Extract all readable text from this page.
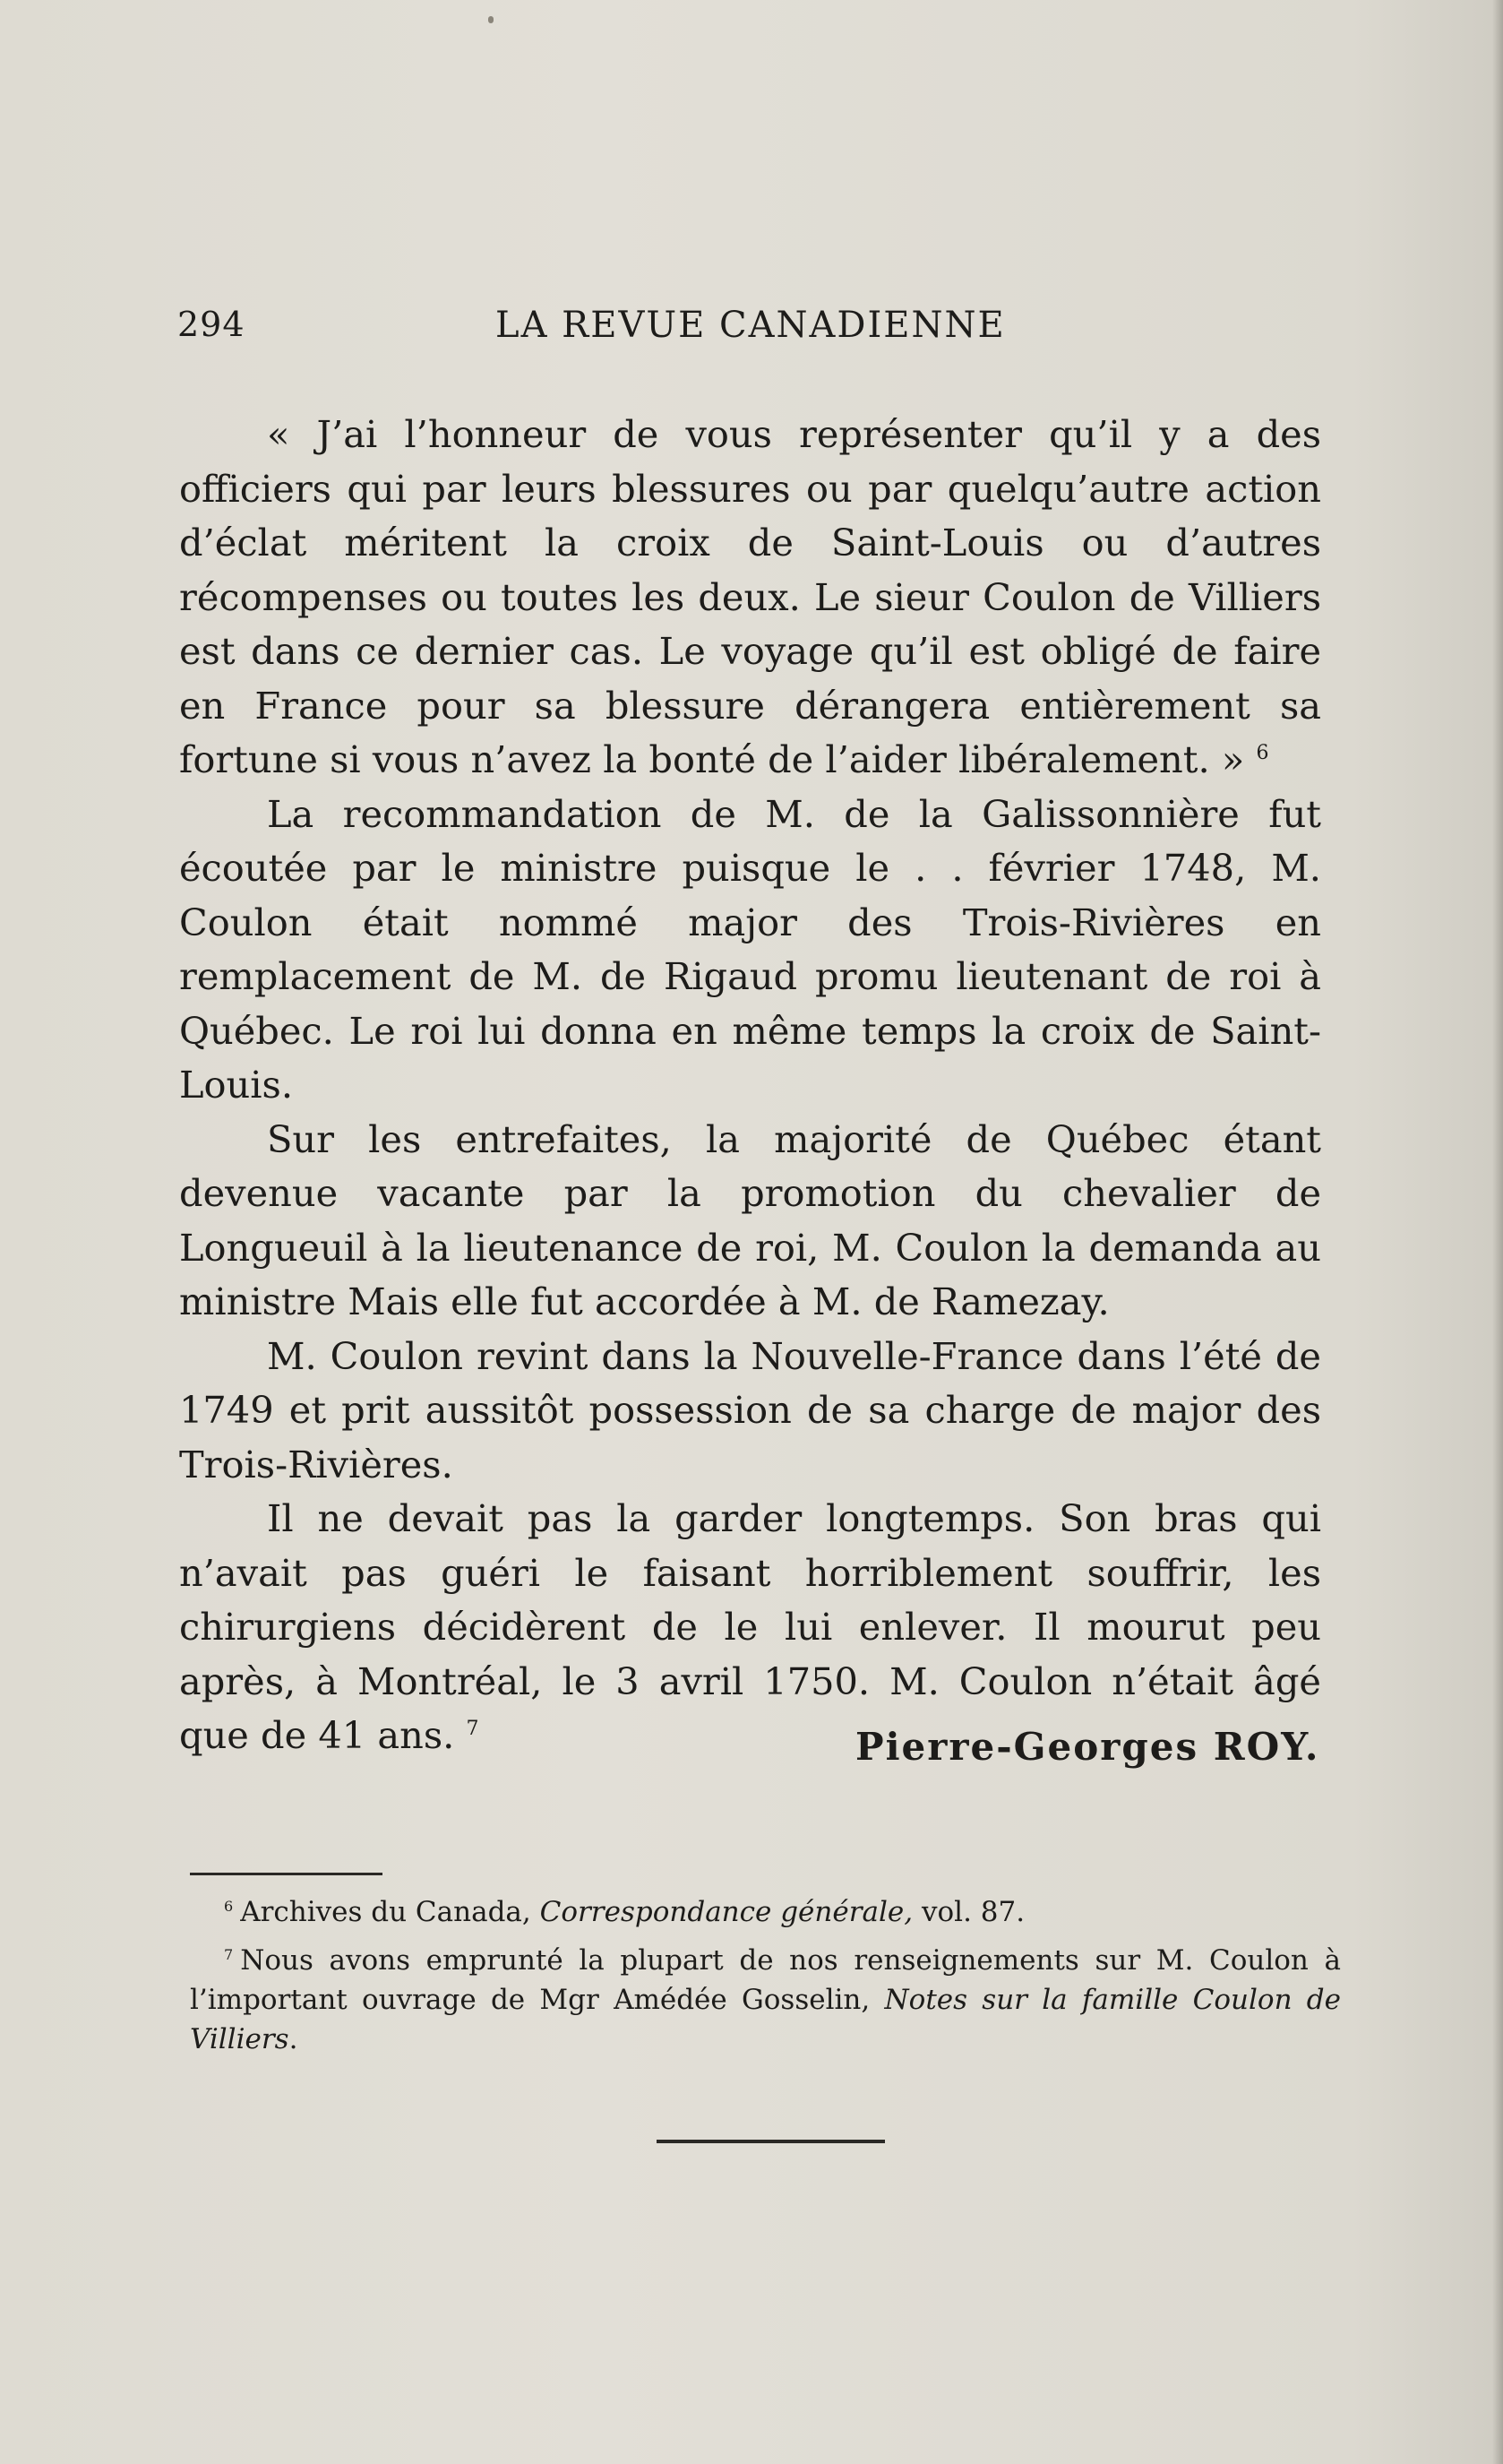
294	LA REVUE CANADIENNE

« J’ai l’honneur de vous représenter qu’il y a des officiers qui par leurs blessures ou par quelqu’autre action d’éclat méritent la croix de Saint-Louis ou d’autres récompenses ou toutes les deux. Le sieur Coulon de Villiers est dans ce dernier cas. Le voyage qu’il est obligé de faire en France pour sa blessure dérangera entièrement sa fortune si vous n’avez la bonté de l’aider libéralement. » $^6$

La recommandation de M. de la Galissonnière fut écoutée par le ministre puisque le . . février 1748, M. Coulon était nommé major des Trois-Rivières en remplacement de M. de Rigaud promu lieutenant de roi à Québec. Le roi lui donna en même temps la croix de Saint-Louis.

Sur les entrefaites, la majorité de Québec étant devenue vacante par la promotion du chevalier de Longueuil à la lieutenance de roi, M. Coulon la demanda au ministre Mais elle fut accordée à M. de Ramezay.

M. Coulon revint dans la Nouvelle-France dans l’été de 1749 et prit aussitôt possession de sa charge de major des Trois-Rivières.

Il ne devait pas la garder longtemps. Son bras qui n’avait pas guéri le faisant horriblement souffrir, les chirurgiens décidèrent de le lui enlever. Il mourut peu après, à Montréal, le 3 avril 1750. M. Coulon n’était âgé que de 41 ans. $^7$	Pierre-Georges ROY.

$^6$ Archives du Canada, Correspondance générale, vol. 87.

$^7$ Nous avons emprunté la plupart de nos renseignements sur M. Coulon à l’important ouvrage de Mgr Amédée Gosselin, Notes sur la famille Coulon de Villiers.
